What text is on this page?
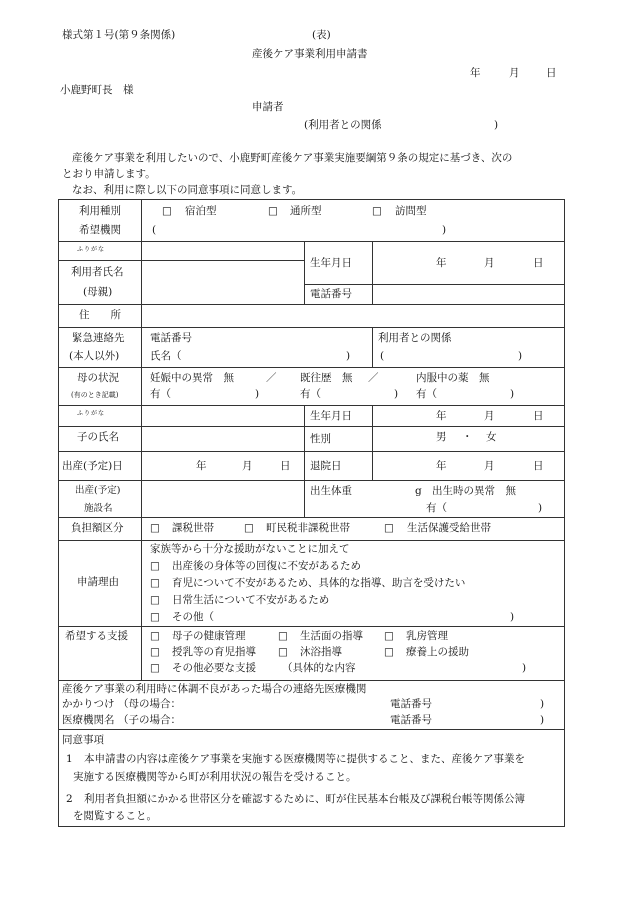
様式第１号(第９条関係)	(表)
産後ケア事業利用申請書
年	月	日
小鹿野町長　様
申請者
(利用者との関係	)
産後ケア事業を利用したいので、小鹿野町産後ケア事業実施要綱第９条の規定に基づき、次の
とおり申請します。
なお、利用に際し以下の同意事項に同意します。
利用種別	□ 宿泊型	□ 通所型	□ 訪問型
希望機関	(	)
ふりがな
利用者氏名
(母親)
生年月日	年	月	日
電話番号
住　　所
緊急連絡先
(本人以外)
電話番号	利用者との関係
氏名（	)	(	)
母の状況
(有のとき記載)
妊娠中の異常　無	／ 既往歴　無 ／	内服中の薬　無
有（	)	有（	) 有（	)
ふりがな
子の氏名
生年月日	年	月	日
性別	男 ・ 女
出産(予定)日	年	月	日 退院日	年	月	日
出産(予定)
施設名
出生体重	g 出生時の異常　無
有（	)
負担額区分	□ 課税世帯	□ 町民税非課税世帯	□ 生活保護受給世帯
申請理由
家族等から十分な援助がないことに加えて
□ 出産後の身体等の回復に不安があるため
□ 育児について不安があるため、具体的な指導、助言を受けたい
□ 日常生活について不安があるため
□ その他（	)
希望する支援 □ 母子の健康管理	□ 生活面の指導 □ 乳房管理
□ 授乳等の育児指導 □ 沐浴指導	□ 療養上の援助
□ その他必要な支援 （具体的な内容	)
産後ケア事業の利用時に体調不良があった場合の連絡先医療機関
かかりつけ （母の場合：	電話番号	)
医療機関名 （子の場合：	電話番号	)
同意事項
1 本申請書の内容は産後ケア事業を実施する医療機関等に提供すること、また、産後ケア事業を
実施する医療機関等から町が利用状況の報告を受けること。
2 利用者負担額にかかる世帯区分を確認するために、町が住民基本台帳及び課税台帳等関係公簿
を閲覧すること。
